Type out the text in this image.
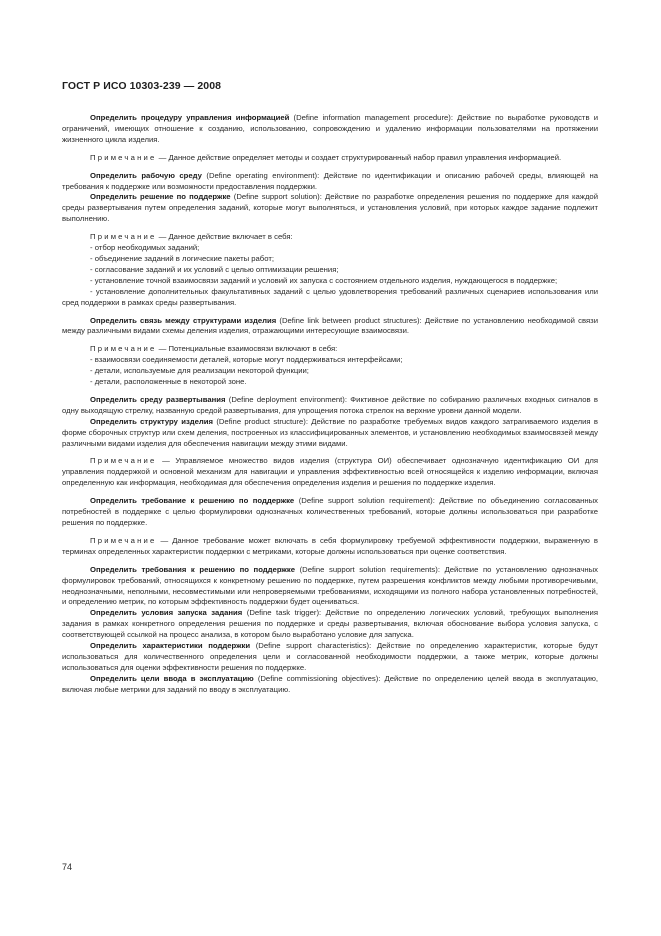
ГОСТ Р ИСО 10303-239 — 2008

Определить процедуру управления информацией (Define information management procedure): Действие по выработке руководств и ограничений, имеющих отношение к созданию, использованию, сопровождению и удалению информации пользователями на протяжении жизненного цикла изделия.

Примечание — Данное действие определяет методы и создает структурированный набор правил управления информацией.

Определить рабочую среду (Define operating environment): Действие по идентификации и описанию рабочей среды, влияющей на требования к поддержке или возможности предоставления поддержки.

Определить решение по поддержке (Define support solution): Действие по разработке определения решения по поддержке для каждой среды развертывания путем определения заданий, которые могут выполняться, и установления условий, при которых каждое задание подлежит выполнению.

Примечание — Данное действие включает в себя:

- отбор необходимых заданий;

- объединение заданий в логические пакеты работ;

- согласование заданий и их условий с целью оптимизации решения;

- установление точной взаимосвязи заданий и условий их запуска с состоянием отдельного изделия, нуждающегося в поддержке;

- установление дополнительных факультативных заданий с целью удовлетворения требований различных сценариев использования или сред поддержки в рамках среды развертывания.

Определить связь между структурами изделия (Define link between product structures): Действие по установлению необходимой связи между различными видами схемы деления изделия, отражающими интересующие взаимосвязи.

Примечание — Потенциальные взаимосвязи включают в себя:

- взаимосвязи соединяемости деталей, которые могут поддерживаться интерфейсами;

- детали, используемые для реализации некоторой функции;

- детали, расположенные в некоторой зоне.

Определить среду развертывания (Define deployment environment): Фиктивное действие по собиранию различных входных сигналов в одну выходящую стрелку, названную средой развертывания, для упрощения потока стрелок на верхние уровни данной модели.

Определить структуру изделия (Define product structure): Действие по разработке требуемых видов каждого затрагиваемого изделия в форме сборочных структур или схем деления, построенных из классифицированных элементов, и установлению необходимых взаимосвязей между различными видами изделия для обеспечения навигации между этими видами.

Примечание — Управляемое множество видов изделия (структура ОИ) обеспечивает однозначную идентификацию ОИ для управления поддержкой и основной механизм для навигации и управления эффективностью всей относящейся к изделию информации, включая определенную как информация, необходимая для обеспечения определения изделия и решения по поддержке изделия.

Определить требование к решению по поддержке (Define support solution requirement): Действие по объединению согласованных потребностей в поддержке с целью формулировки однозначных количественных требований, которые должны использоваться при разработке решения по поддержке.

Примечание — Данное требование может включать в себя формулировку требуемой эффективности поддержки, выраженную в терминах определенных характеристик поддержки с метриками, которые должны использоваться при оценке соответствия.

Определить требования к решению по поддержке (Define support solution requirements): Действие по установлению однозначных формулировок требований, относящихся к конкретному решению по поддержке, путем разрешения конфликтов между любыми противоречивыми, неоднозначными, неполными, несовместимыми или непроверяемыми требованиями, исходящими из полного набора установленных потребностей, и определению метрик, по которым эффективность поддержки будет оцениваться.

Определить условия запуска задания (Define task trigger): Действие по определению логических условий, требующих выполнения задания в рамках конкретного определения решения по поддержке и среды развертывания, включая обоснование выбора условия запуска, с соответствующей ссылкой на процесс анализа, в котором было выработано условие для запуска.

Определить характеристики поддержки (Define support characteristics): Действие по определению характеристик, которые будут использоваться для количественного определения цели и согласованной необходимости поддержки, а также метрик, которые должны использоваться для оценки эффективности решения по поддержке.

Определить цели ввода в эксплуатацию (Define commissioning objectives): Действие по определению целей ввода в эксплуатацию, включая любые метрики для заданий по вводу в эксплуатацию.

74
